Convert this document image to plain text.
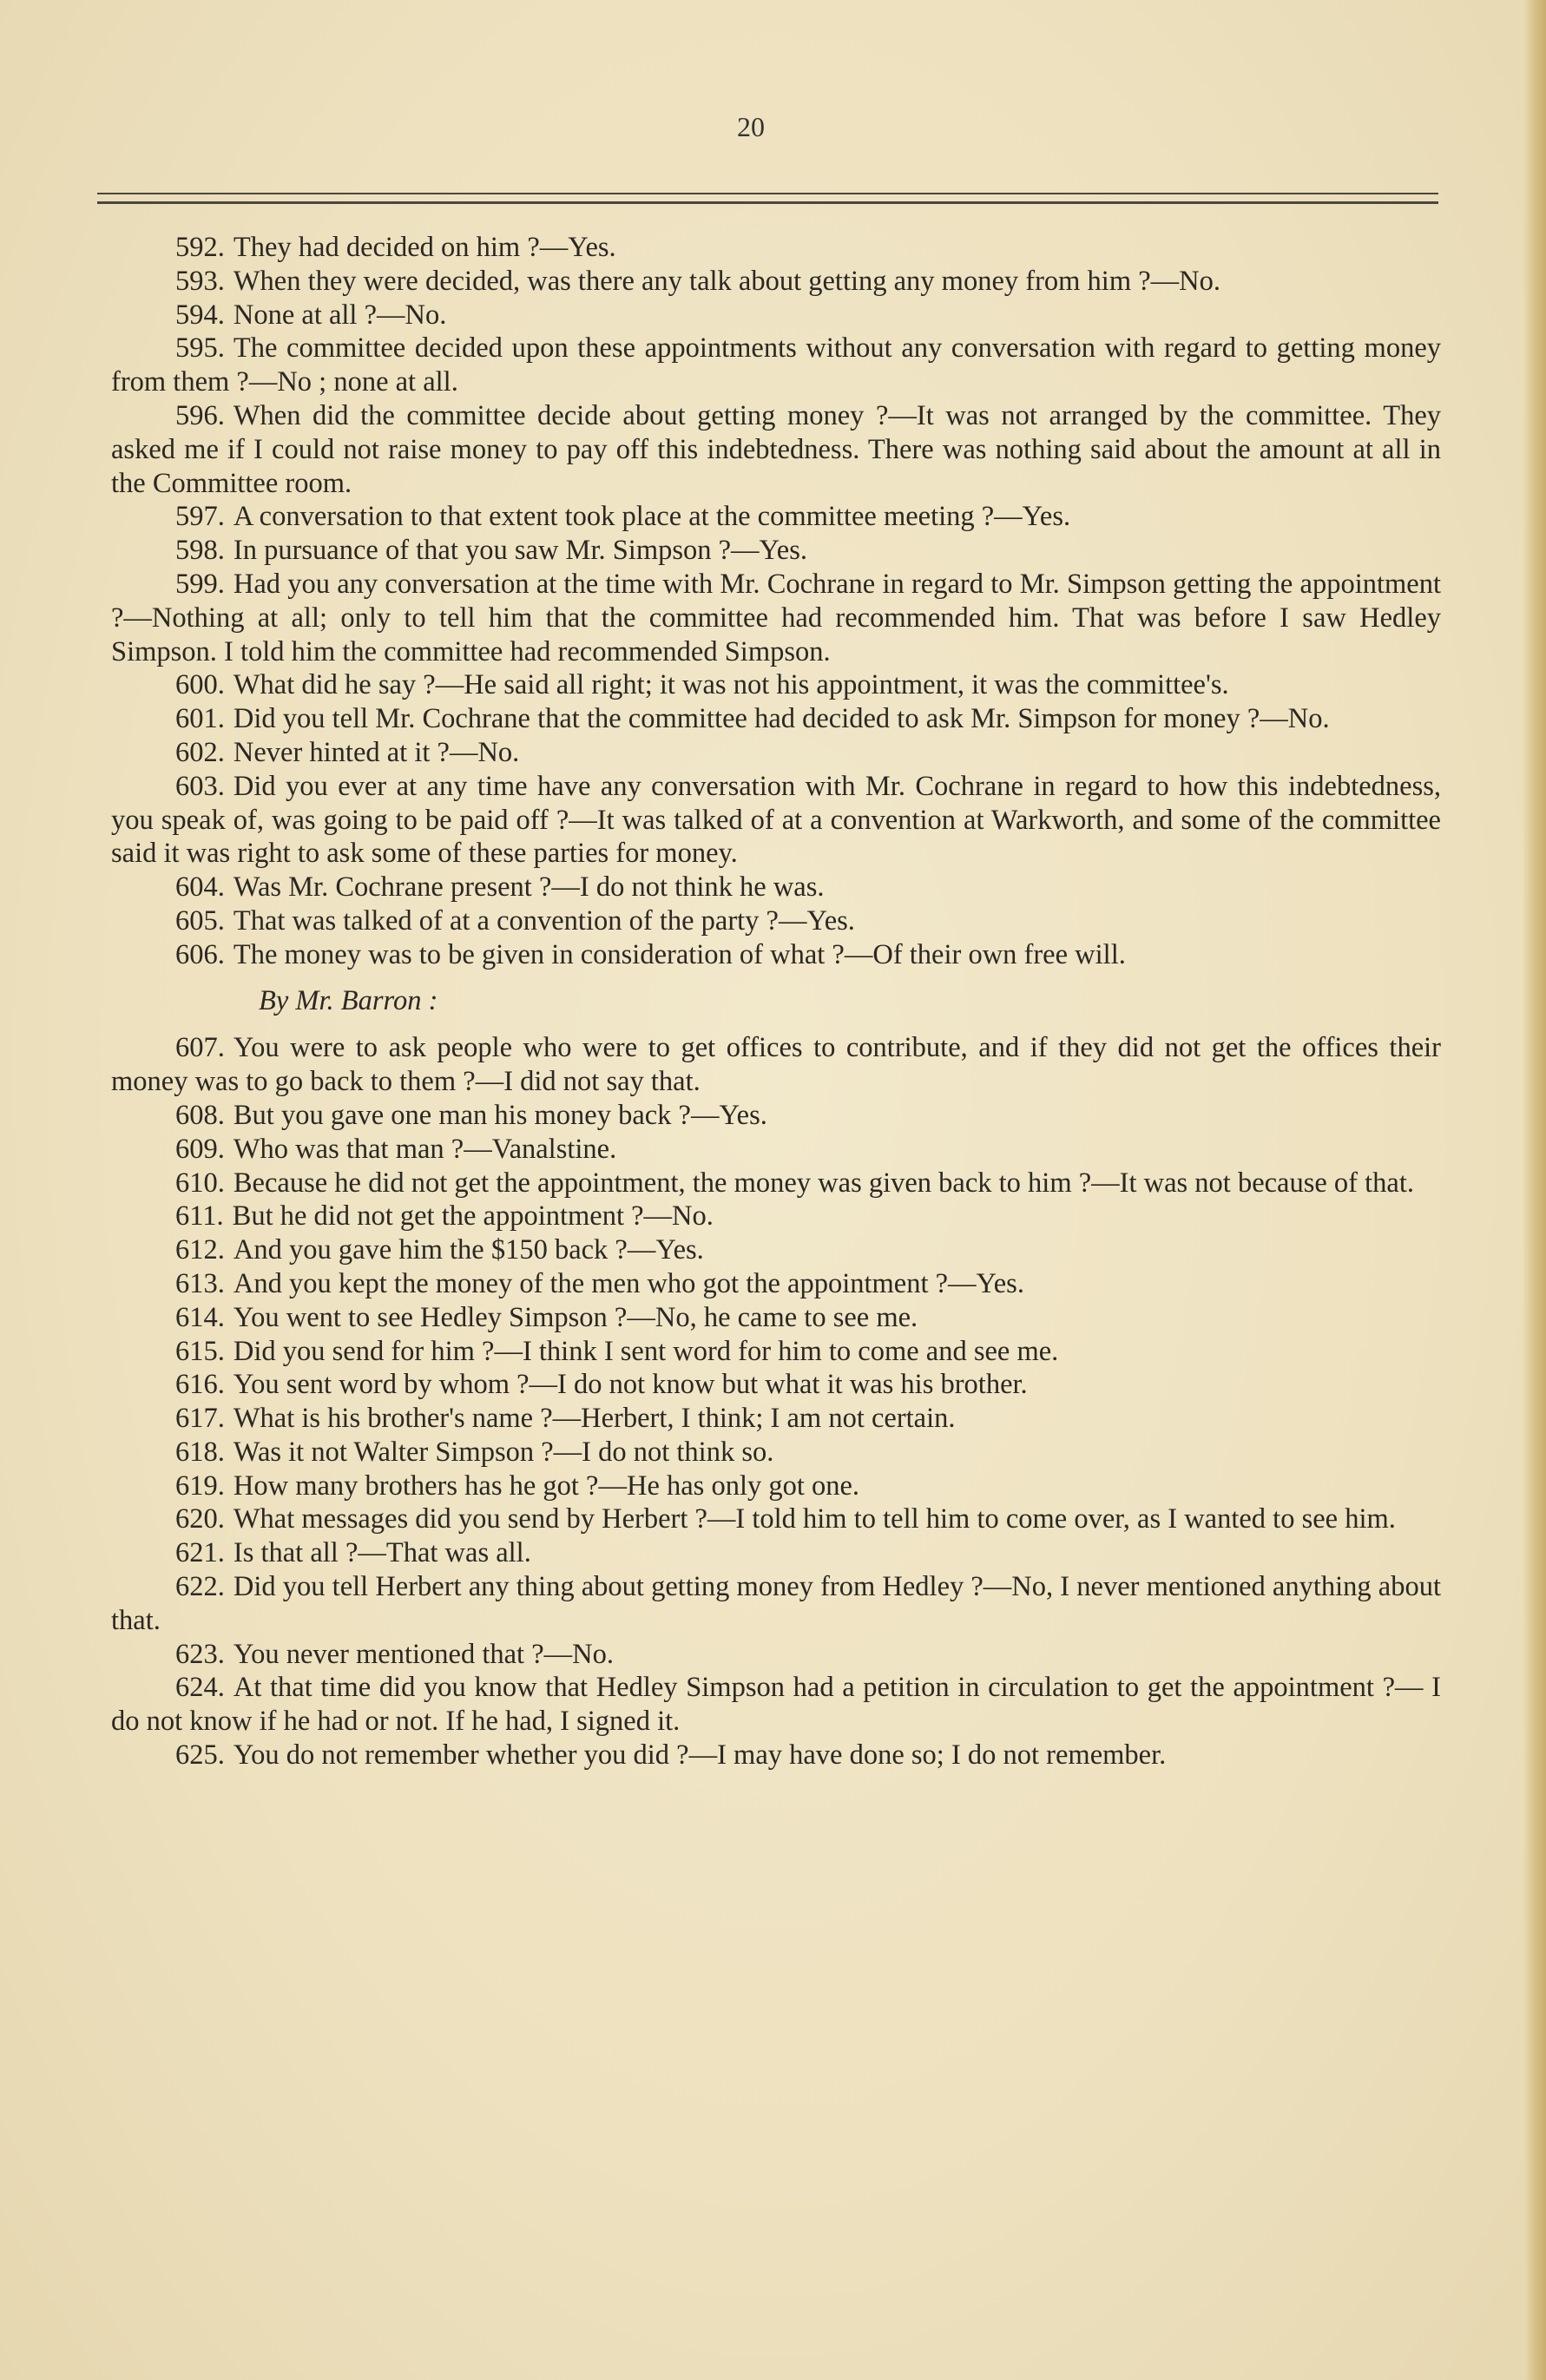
20

592. They had decided on him ?—Yes.

593. When they were decided, was there any talk about getting any money from him ?—No.

594. None at all ?—No.

595. The committee decided upon these appointments without any conversation with regard to getting money from them ?—No ; none at all.

596. When did the committee decide about getting money ?—It was not arranged by the committee. They asked me if I could not raise money to pay off this indebtedness. There was nothing said about the amount at all in the Committee room.

597. A conversation to that extent took place at the committee meeting ?—Yes.

598. In pursuance of that you saw Mr. Simpson ?—Yes.

599. Had you any conversation at the time with Mr. Cochrane in regard to Mr. Simpson getting the appointment ?—Nothing at all; only to tell him that the committee had recommended him. That was before I saw Hedley Simpson. I told him the committee had recommended Simpson.

600. What did he say ?—He said all right; it was not his appointment, it was the committee's.

601. Did you tell Mr. Cochrane that the committee had decided to ask Mr. Simpson for money ?—No.

602. Never hinted at it ?—No.

603. Did you ever at any time have any conversation with Mr. Cochrane in regard to how this indebtedness, you speak of, was going to be paid off ?—It was talked of at a convention at Warkworth, and some of the committee said it was right to ask some of these parties for money.

604. Was Mr. Cochrane present ?—I do not think he was.

605. That was talked of at a convention of the party ?—Yes.

606. The money was to be given in consideration of what ?—Of their own free will.

By Mr. Barron :

607. You were to ask people who were to get offices to contribute, and if they did not get the offices their money was to go back to them ?—I did not say that.

608. But you gave one man his money back ?—Yes.

609. Who was that man ?—Vanalstine.

610. Because he did not get the appointment, the money was given back to him ?—It was not because of that.

611. But he did not get the appointment ?—No.

612. And you gave him the $150 back ?—Yes.

613. And you kept the money of the men who got the appointment ?—Yes.

614. You went to see Hedley Simpson ?—No, he came to see me.

615. Did you send for him ?—I think I sent word for him to come and see me.

616. You sent word by whom ?—I do not know but what it was his brother.

617. What is his brother's name ?—Herbert, I think; I am not certain.

618. Was it not Walter Simpson ?—I do not think so.

619. How many brothers has he got ?—He has only got one.

620. What messages did you send by Herbert ?—I told him to tell him to come over, as I wanted to see him.

621. Is that all ?—That was all.

622. Did you tell Herbert any thing about getting money from Hedley ?—No, I never mentioned anything about that.

623. You never mentioned that ?—No.

624. At that time did you know that Hedley Simpson had a petition in circulation to get the appointment ?— I do not know if he had or not. If he had, I signed it.

625. You do not remember whether you did ?—I may have done so; I do not remember.
